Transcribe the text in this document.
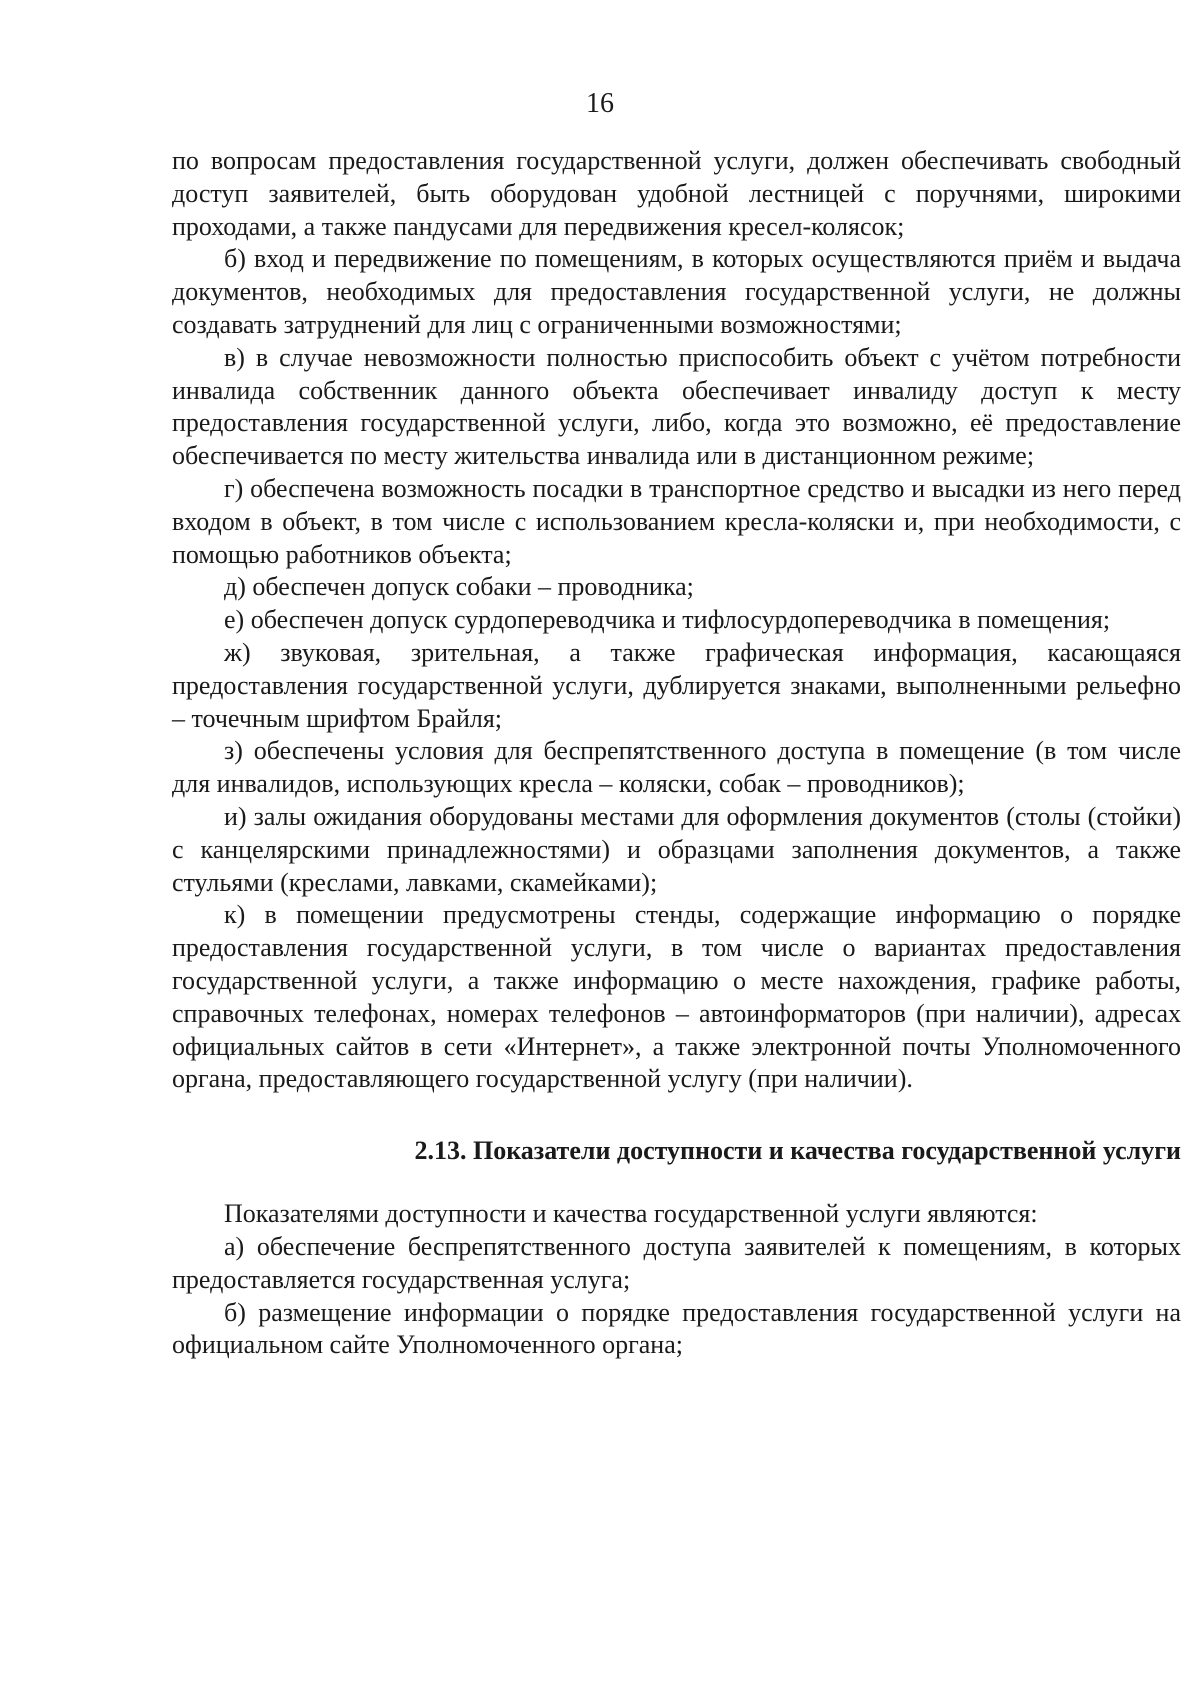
16

по вопросам предоставления государственной услуги, должен обеспечивать свободный доступ заявителей, быть оборудован удобной лестницей с поручнями, широкими проходами, а также пандусами для передвижения кресел-колясок;

б) вход и передвижение по помещениям, в которых осуществляются приём и выдача документов, необходимых для предоставления государственной услуги, не должны создавать затруднений для лиц с ограниченными возможностями;

в) в случае невозможности полностью приспособить объект с учётом потребности инвалида собственник данного объекта обеспечивает инвалиду доступ к месту предоставления государственной услуги, либо, когда это возможно, её предоставление обеспечивается по месту жительства инвалида или в дистанционном режиме;

г) обеспечена возможность посадки в транспортное средство и высадки из него перед входом в объект, в том числе с использованием кресла-коляски и, при необходимости, с помощью работников объекта;

д) обеспечен допуск собаки – проводника;

е) обеспечен допуск сурдопереводчика и тифлосурдопереводчика в помещения;

ж) звуковая, зрительная, а также графическая информация, касающаяся предоставления государственной услуги, дублируется знаками, выполненными рельефно – точечным шрифтом Брайля;

з) обеспечены условия для беспрепятственного доступа в помещение (в том числе для инвалидов, использующих кресла – коляски, собак – проводников);

и) залы ожидания оборудованы местами для оформления документов (столы (стойки) с канцелярскими принадлежностями) и образцами заполнения документов, а также стульями (креслами, лавками, скамейками);

к) в помещении предусмотрены стенды, содержащие информацию о порядке предоставления государственной услуги, в том числе о вариантах предоставления государственной услуги, а также информацию о месте нахождения, графике работы, справочных телефонах, номерах телефонов – автоинформаторов (при наличии), адресах официальных сайтов в сети «Интернет», а также электронной почты Уполномоченного органа, предоставляющего государственной услугу (при наличии).

2.13. Показатели доступности и качества государственной услуги

Показателями доступности и качества государственной услуги являются:

а) обеспечение беспрепятственного доступа заявителей к помещениям, в которых предоставляется государственная услуга;

б) размещение информации о порядке предоставления государственной услуги на официальном сайте Уполномоченного органа;
